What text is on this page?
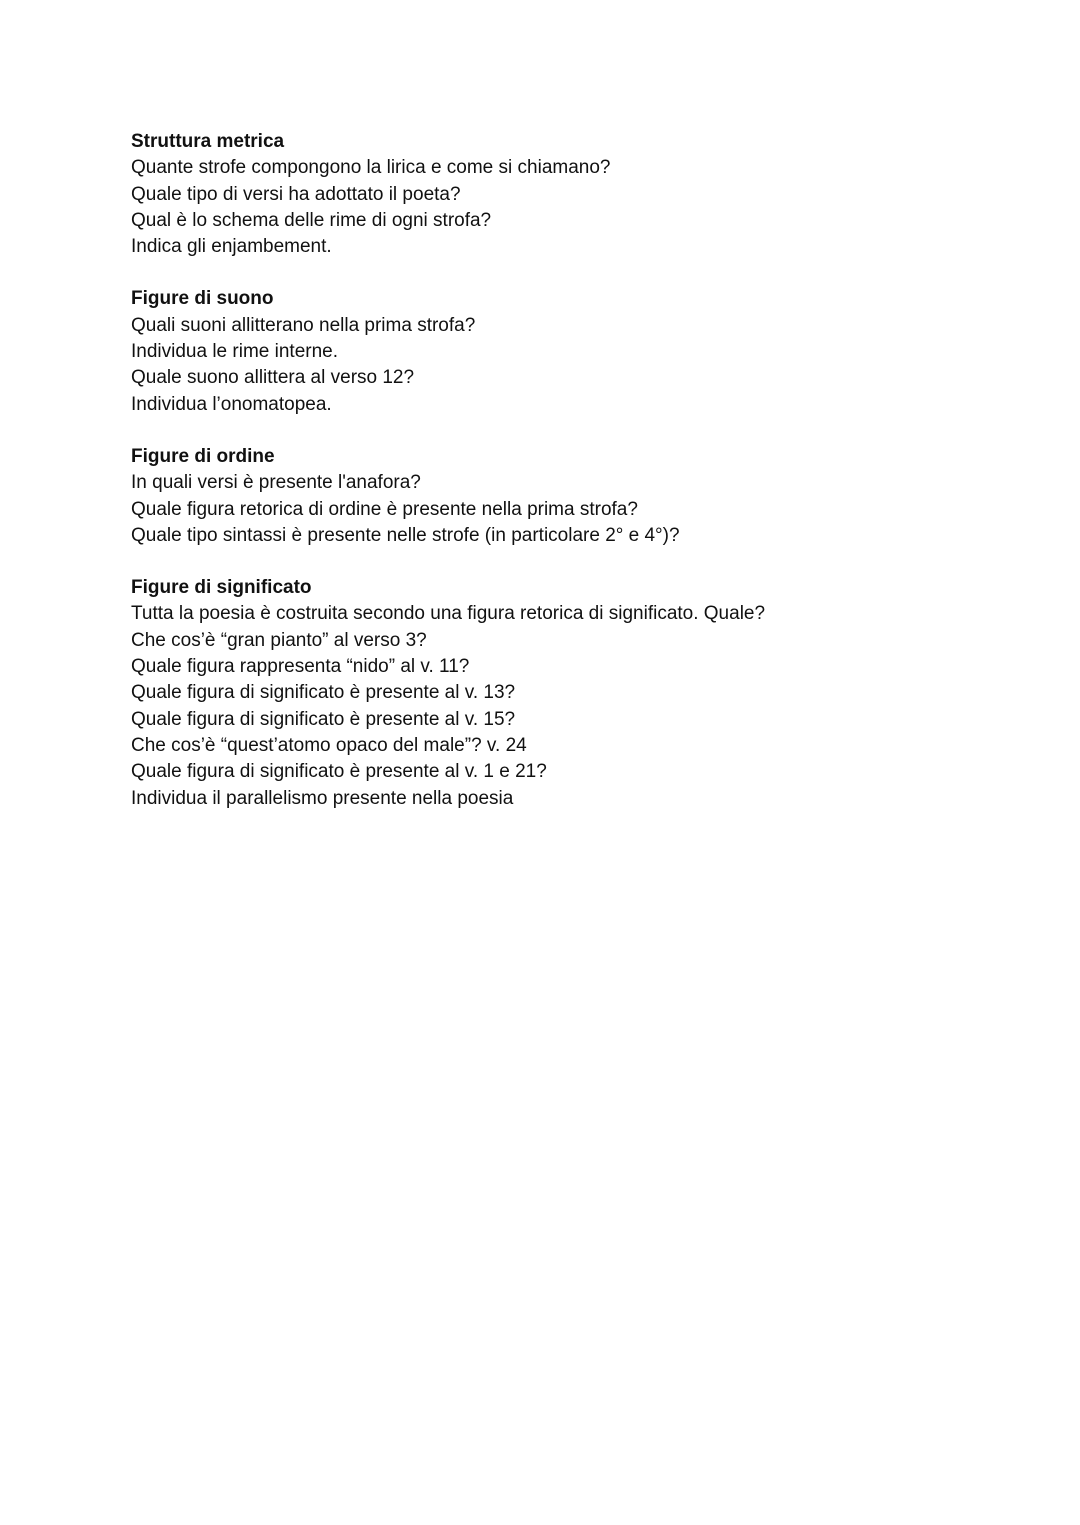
Struttura metrica
Quante strofe compongono la lirica e come si chiamano?
Quale tipo di versi ha adottato il poeta?
Qual è lo schema delle rime di ogni strofa?
Indica gli enjambement.
Figure di suono
Quali suoni allitterano nella prima strofa?
Individua le rime interne.
Quale suono allittera al verso 12?
Individua l’onomatopea.
Figure di ordine
In quali versi è presente l'anafora?
Quale figura retorica di ordine è presente nella prima strofa?
Quale tipo sintassi è presente nelle strofe (in particolare 2° e 4°)?
Figure di significato
Tutta la poesia è costruita secondo una figura retorica di significato. Quale?
Che cos’è “gran pianto” al verso 3?
Quale figura rappresenta “nido” al v. 11?
Quale figura di significato è presente al v. 13?
Quale figura di significato è presente al v. 15?
Che cos’è “quest’atomo opaco del male”? v. 24
Quale figura di significato è presente al v. 1 e 21?
Individua il parallelismo presente nella poesia
